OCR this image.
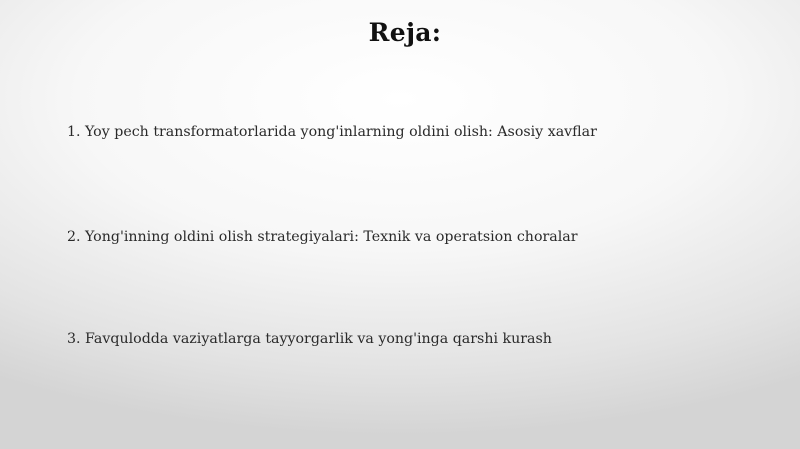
Reja:
1. Yoy pech transformatorlarida yong'inlarning oldini olish: Asosiy xavflar
2. Yong'inning oldini olish strategiyalari: Texnik va operatsion choralar
3. Favqulodda vaziyatlarga tayyorgarlik va yong'inga qarshi kurash
